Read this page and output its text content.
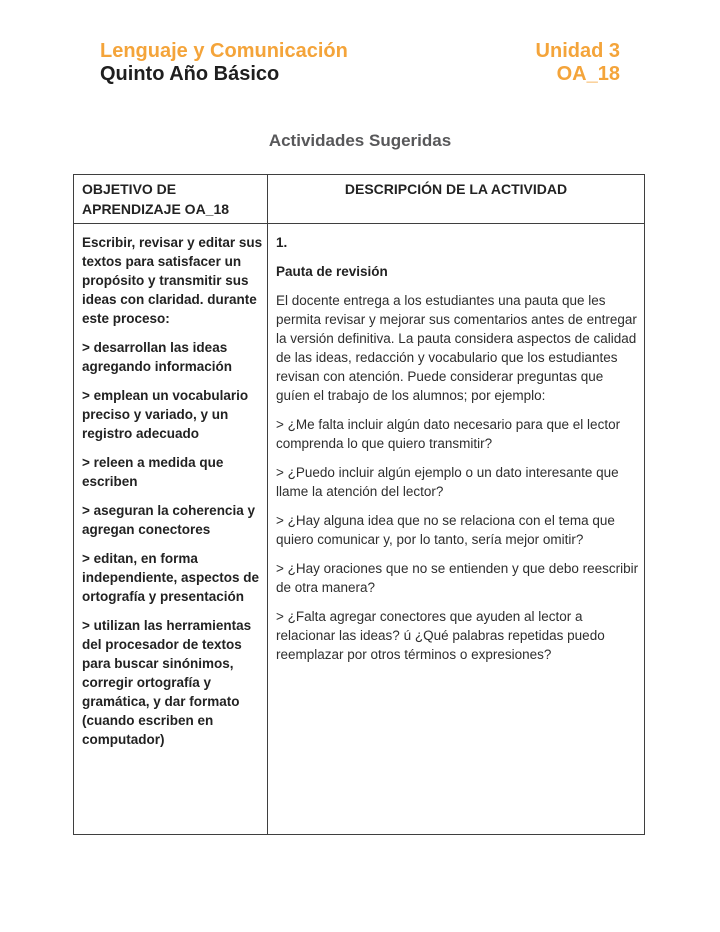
Lenguaje y Comunicación
Quinto Año Básico
Unidad 3
OA_18
Actividades Sugeridas
OBJETIVO DE APRENDIZAJE OA_18
DESCRIPCIÓN DE LA ACTIVIDAD

Escribir, revisar y editar sus textos para satisfacer un propósito y transmitir sus ideas con claridad. durante este proceso:

> desarrollan las ideas agregando información

> emplean un vocabulario preciso y variado, y un registro adecuado

> releen a medida que escriben

> aseguran la coherencia y agregan conectores

> editan, en forma independiente, aspectos de ortografía y presentación

> utilizan las herramientas del procesador de textos para buscar sinónimos, corregir ortografía y gramática, y dar formato (cuando escriben en computador)

1.

Pauta de revisión

El docente entrega a los estudiantes una pauta que les permita revisar y mejorar sus comentarios antes de entregar la versión definitiva. La pauta considera aspectos de calidad de las ideas, redacción y vocabulario que los estudiantes revisan con atención. Puede considerar preguntas que guíen el trabajo de los alumnos; por ejemplo:

> ¿Me falta incluir algún dato necesario para que el lector comprenda lo que quiero transmitir?

> ¿Puedo incluir algún ejemplo o un dato interesante que llame la atención del lector?

> ¿Hay alguna idea que no se relaciona con el tema que quiero comunicar y, por lo tanto, sería mejor omitir?

> ¿Hay oraciones que no se entienden y que debo reescribir de otra manera?

> ¿Falta agregar conectores que ayuden al lector a relacionar las ideas? ú ¿Qué palabras repetidas puedo reemplazar por otros términos o expresiones?
